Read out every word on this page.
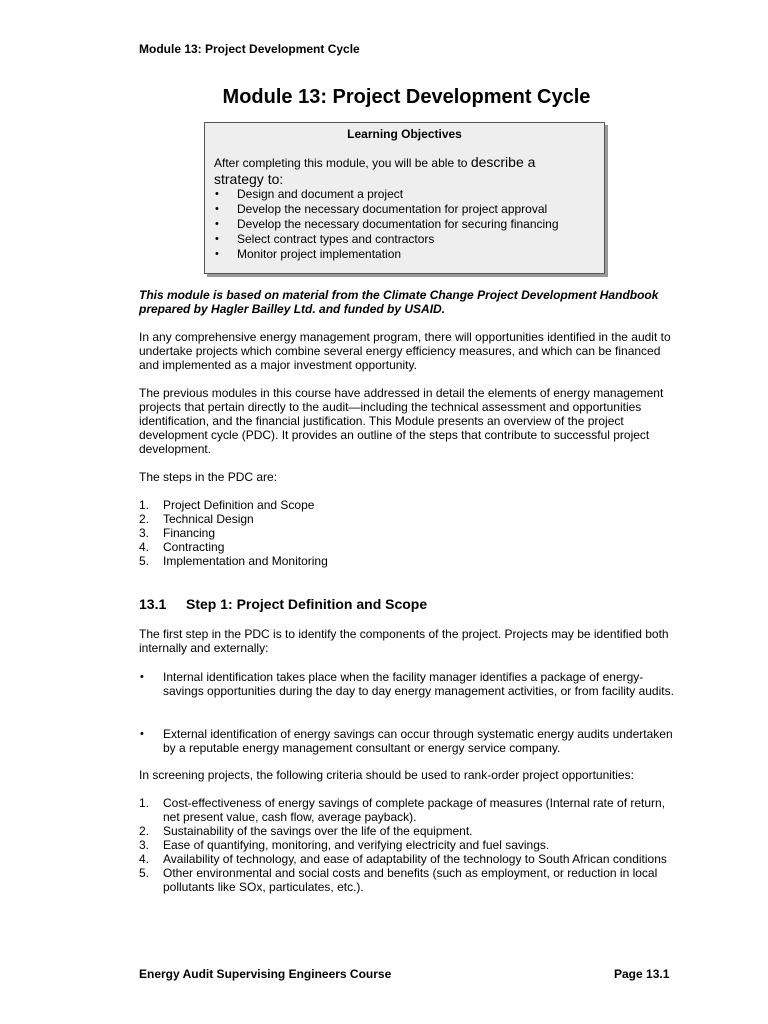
Module 13: Project Development Cycle
Module 13: Project Development Cycle
Learning Objectives
After completing this module, you will be able to describe a
strategy to:
• Design and document a project
• Develop the necessary documentation for project approval
• Develop the necessary documentation for securing financing
• Select contract types and contractors
• Monitor project implementation
This module is based on material from the Climate Change Project Development Handbook prepared by Hagler Bailley Ltd. and funded by USAID.
In any comprehensive energy management program, there will opportunities identified in the audit to undertake projects which combine several energy efficiency measures, and which can be financed and implemented as a major investment opportunity.
The previous modules in this course have addressed in detail the elements of energy management projects that pertain directly to the audit—including the technical assessment and opportunities identification, and the financial justification. This Module presents an overview of the project development cycle (PDC). It provides an outline of the steps that contribute to successful project development.
The steps in the PDC are:
1. Project Definition and Scope
2. Technical Design
3. Financing
4. Contracting
5. Implementation and Monitoring
13.1 Step 1: Project Definition and Scope
The first step in the PDC is to identify the components of the project. Projects may be identified both internally and externally:
• Internal identification takes place when the facility manager identifies a package of energy-savings opportunities during the day to day energy management activities, or from facility audits.
• External identification of energy savings can occur through systematic energy audits undertaken by a reputable energy management consultant or energy service company.
In screening projects, the following criteria should be used to rank-order project opportunities:
1. Cost-effectiveness of energy savings of complete package of measures (Internal rate of return, net present value, cash flow, average payback).
2. Sustainability of the savings over the life of the equipment.
3. Ease of quantifying, monitoring, and verifying electricity and fuel savings.
4. Availability of technology, and ease of adaptability of the technology to South African conditions
5. Other environmental and social costs and benefits (such as employment, or reduction in local pollutants like SOx, particulates, etc.).
Energy Audit Supervising Engineers Course	Page 13.1
